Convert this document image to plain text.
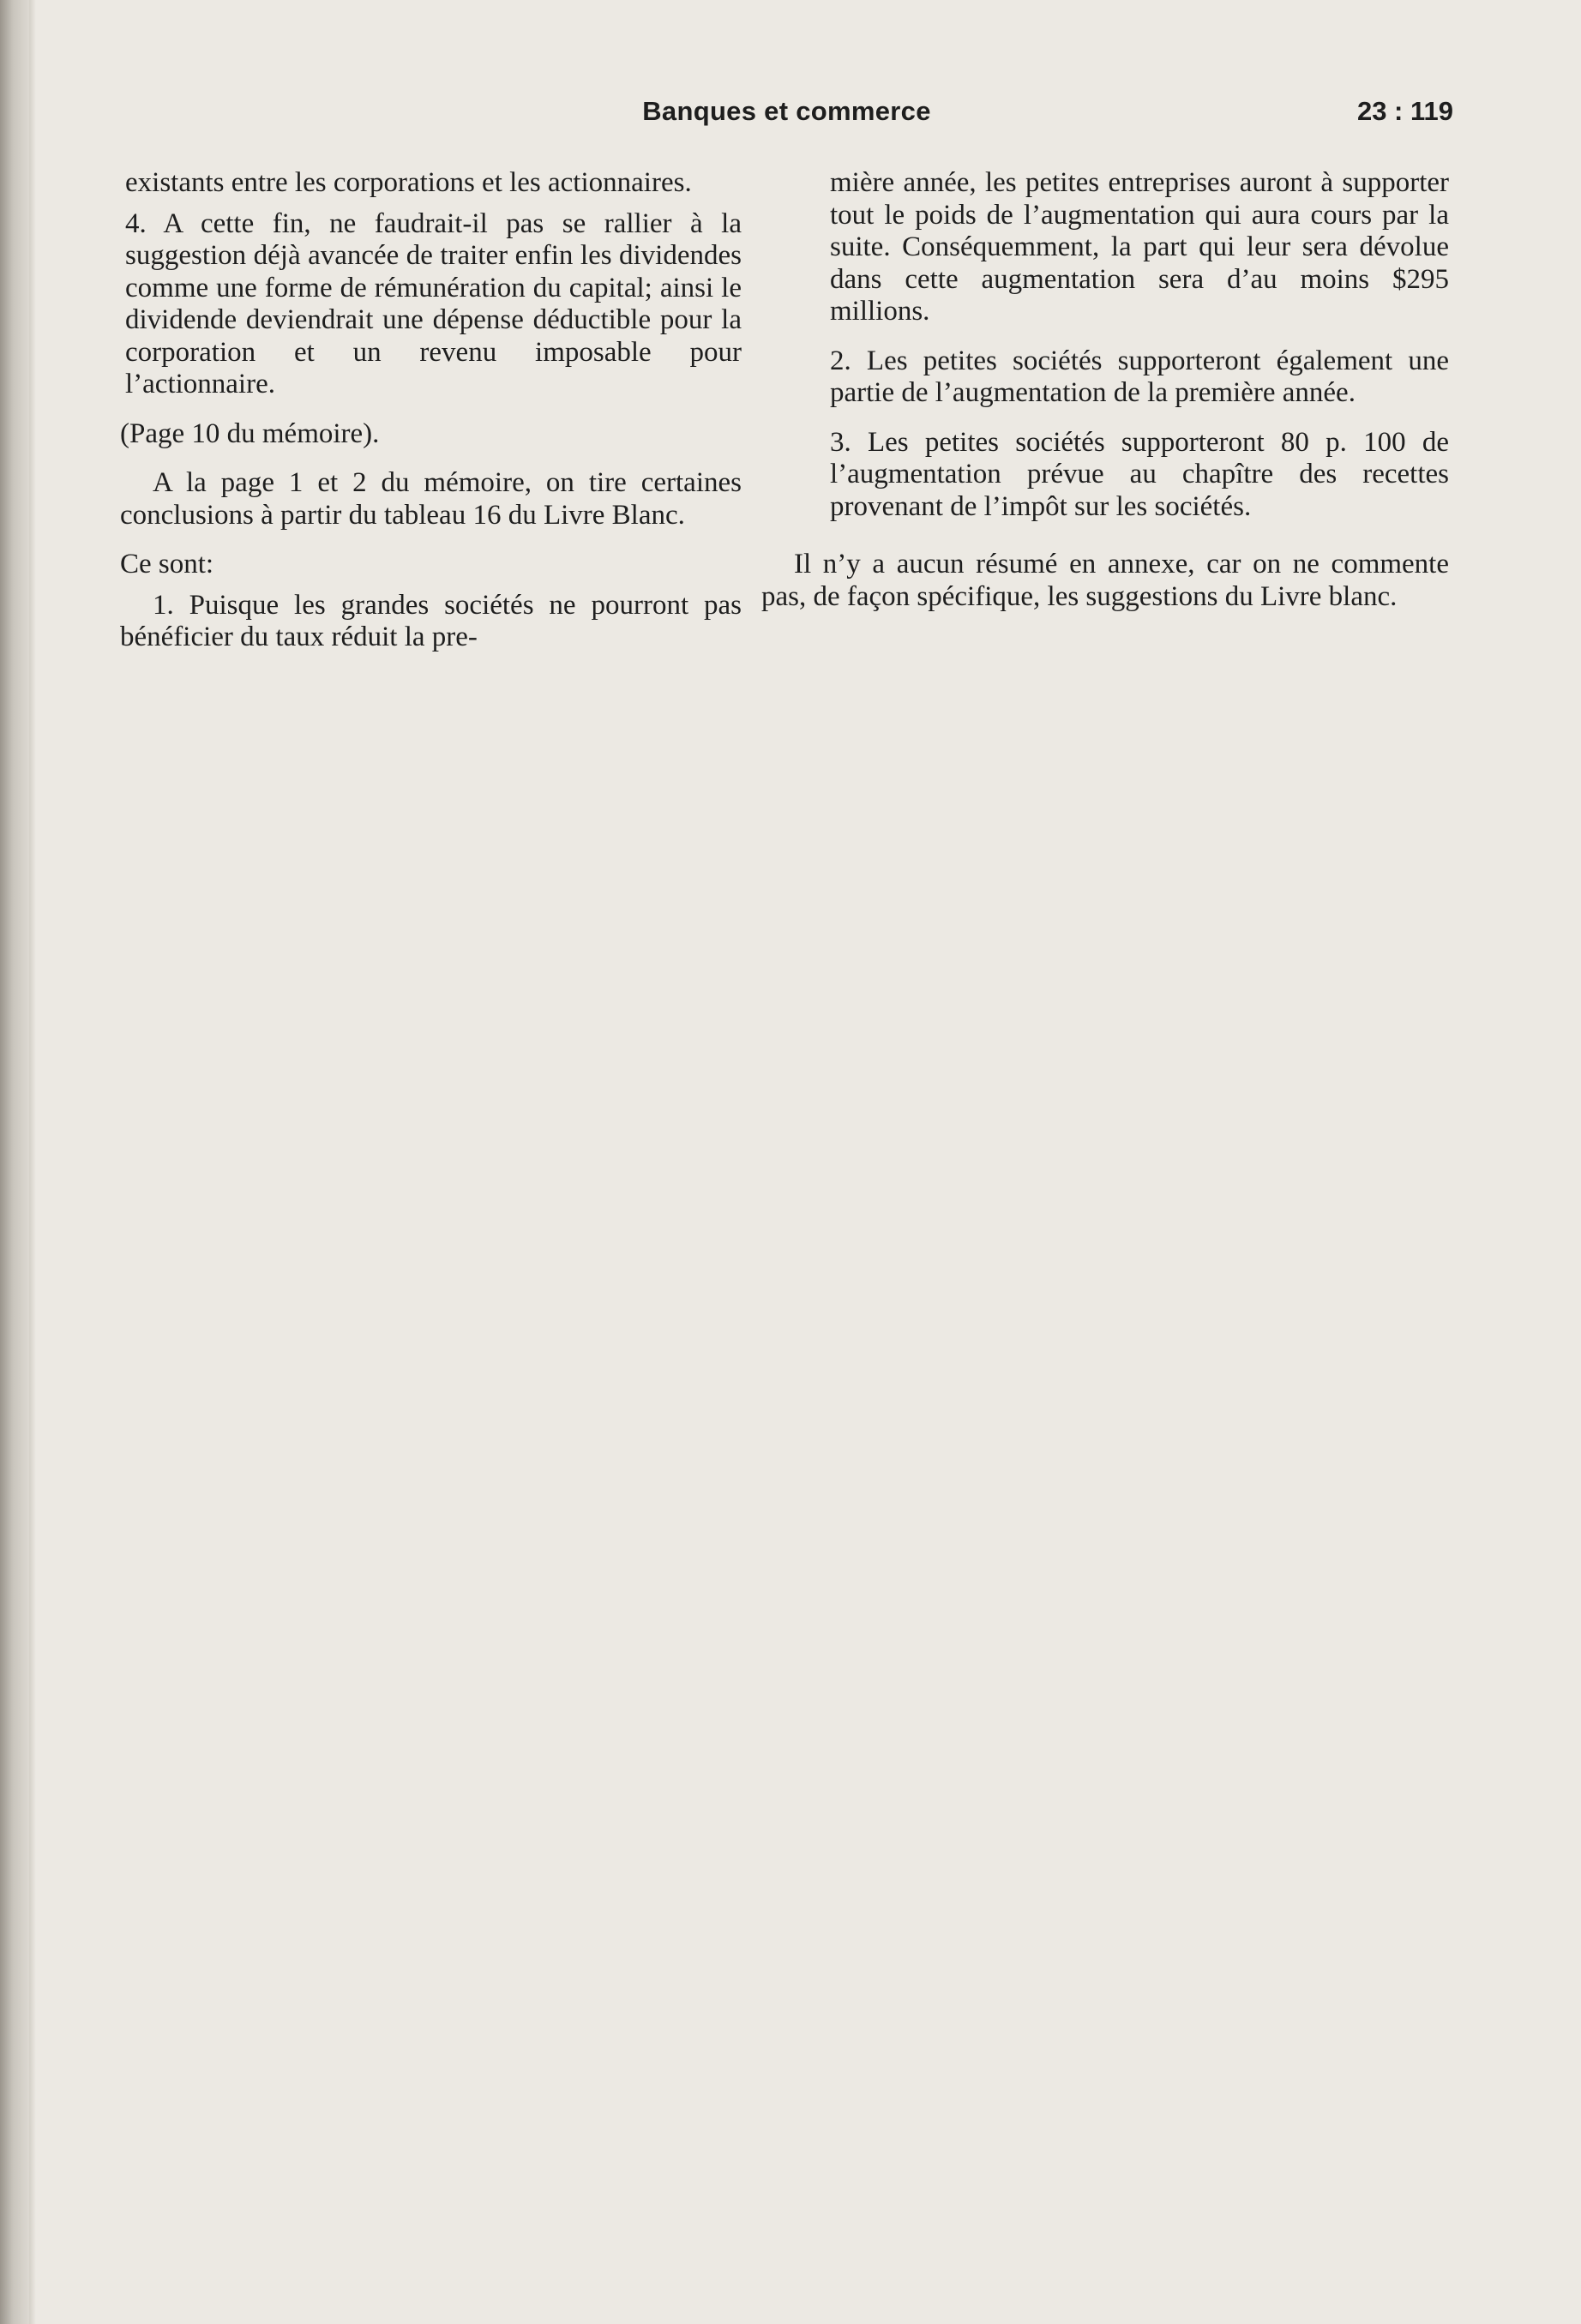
Banques et commerce	23 : 119

existants entre les corporations et les actionnaires.

4. A cette fin, ne faudrait-il pas se rallier à la suggestion déjà avancée de traiter enfin les dividendes comme une forme de rémunération du capital; ainsi le dividende deviendrait une dépense déductible pour la corporation et un revenu imposable pour l’actionnaire.

(Page 10 du mémoire).

A la page 1 et 2 du mémoire, on tire certaines conclusions à partir du tableau 16 du Livre Blanc.

Ce sont:

1. Puisque les grandes sociétés ne pourront pas bénéficier du taux réduit la pre-

mière année, les petites entreprises auront à supporter tout le poids de l’augmentation qui aura cours par la suite. Conséquemment, la part qui leur sera dévolue dans cette augmentation sera d’au moins $295 millions.

2. Les petites sociétés supporteront également une partie de l’augmentation de la première année.

3. Les petites sociétés supporteront 80 p. 100 de l’augmentation prévue au chapître des recettes provenant de l’impôt sur les sociétés.

Il n’y a aucun résumé en annexe, car on ne commente pas, de façon spécifique, les suggestions du Livre blanc.
